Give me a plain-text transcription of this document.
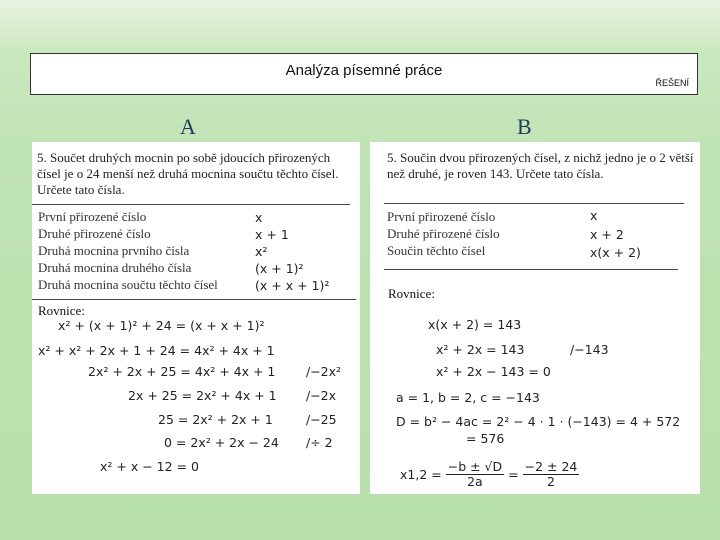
Analýza písemné práce
ŘEŠENÍ
A	B
5. Součet druhých mocnin po sobě jdoucích přirozených čísel je o 24 menší než druhá mocnina součtu těchto čísel. Určete tato čísla.
První přirozené číslo	x
Druhé přirozené číslo	x + 1
Druhá mocnina prvního čísla	x²
Druhá mocnina druhého čísla	(x + 1)²
Druhá mocnina součtu těchto čísel	(x + x + 1)²
Rovnice:
x² + (x + 1)² + 24 = (x + x + 1)²
x² + x² + 2x + 1 + 24 = 4x² + 4x + 1
2x² + 2x + 25 = 4x² + 4x + 1 /−2x²
2x + 25 = 2x² + 4x + 1 /−2x
25 = 2x² + 2x + 1	/−25
0 = 2x² + 2x − 24 /÷ 2
x² + x − 12 = 0
5. Součin dvou přirozených čísel, z nichž jedno je o 2 větší než druhé, je roven 143. Určete tato čísla.
První přirozené číslo	x
Druhé přirozené číslo	x + 2
Součin těchto čísel	x(x + 2)
Rovnice:
x(x + 2) = 143
x² + 2x = 143	/−143
x² + 2x − 143 = 0
a = 1, b = 2, c = −143
D = b² − 4ac = 2² − 4 · 1 · (−143) = 4 + 572
= 576
$x1,2 = \frac{-b \pm √D}{2a} = \frac{-2 \pm 24}{2}$
